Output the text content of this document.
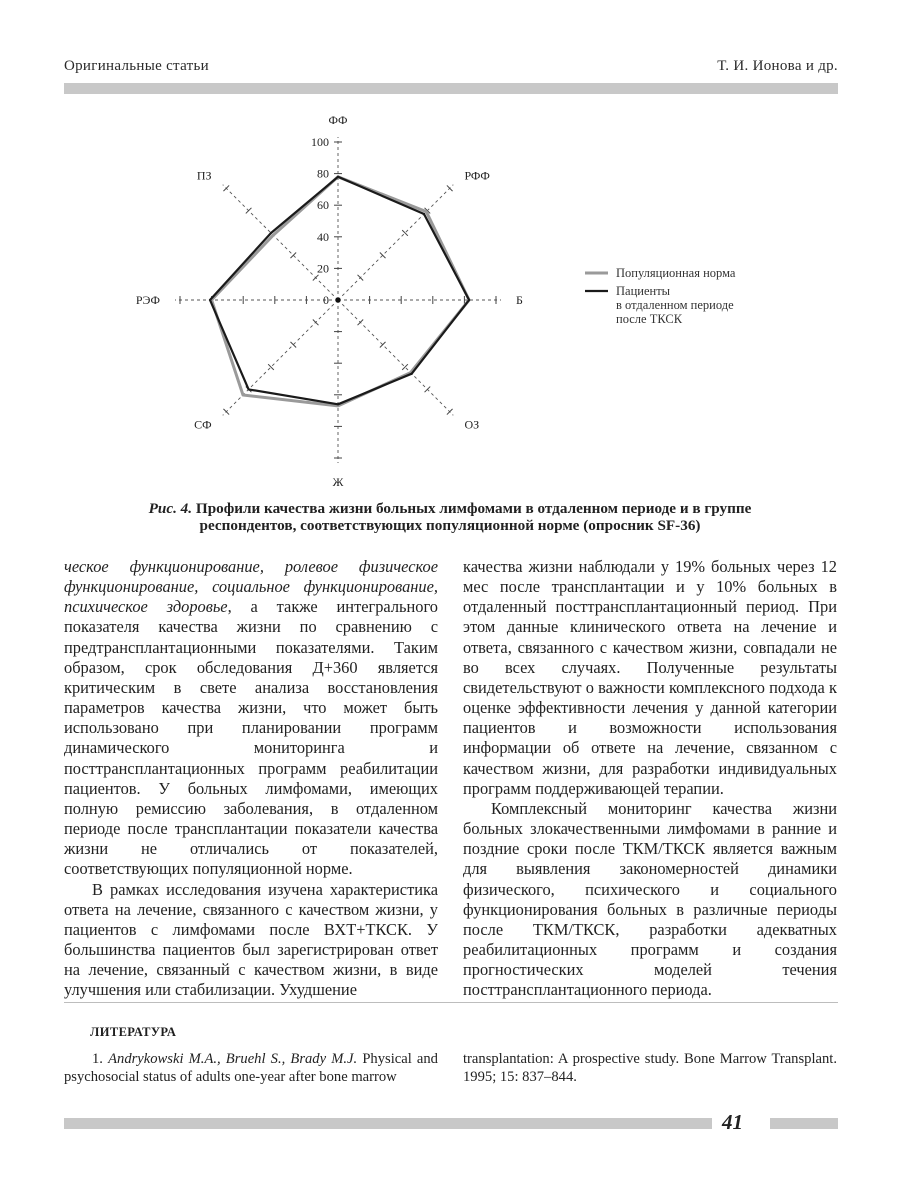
Оригинальные статьи	Т. И. Ионова и др.
ФФ
РФФ
Б
ОЗ
Ж
СФ
РЭФ
ПЗ
0
20
40
60
80
100
Популяционная норма
Пациенты
в отдаленном периоде
после ТКСК
Рис. 4. Профили качества жизни больных лимфомами в отдаленном периоде и в группе
респондентов, соответствующих популяционной норме (опросник SF-36)

ческое функционирование, ролевое физическое функционирование, социальное функционирование, психическое здоровье, а также интегрального показателя качества жизни по сравнению с предтрансплантационными показателями. Таким образом, срок обследования Д+360 является критическим в свете анализа восстановления параметров качества жизни, что может быть использовано при планировании программ динамического мониторинга и посттрансплантационных программ реабилитации пациентов. У больных лимфомами, имеющих полную ремиссию заболевания, в отдаленном периоде после трансплантации показатели качества жизни не отличались от показателей, соответствующих популяционной норме.

В рамках исследования изучена характеристика ответа на лечение, связанного с качеством жизни, у пациентов с лимфомами после ВХТ+ТКСК. У большинства пациентов был зарегистрирован ответ на лечение, связанный с качеством жизни, в виде улучшения или стабилизации. Ухудшение

качества жизни наблюдали у 19% больных через 12 мес после трансплантации и у 10% больных в отдаленный посттрансплантационный период. При этом данные клинического ответа на лечение и ответа, связанного с качеством жизни, совпадали не во всех случаях. Полученные результаты свидетельствуют о важности комплексного подхода к оценке эффективности лечения у данной категории пациентов и возможности использования информации об ответе на лечение, связанном с качеством жизни, для разработки индивидуальных программ поддерживающей терапии.

Комплексный мониторинг качества жизни больных злокачественными лимфомами в ранние и поздние сроки после ТКМ/ТКСК является важным для выявления закономерностей динамики физического, психического и социального функционирования больных в различные периоды после ТКМ/ТКСК, разработки адекватных реабилитационных программ и создания прогностических моделей течения посттрансплантационного периода.

ЛИТЕРАТУРА
1. Andrykowski M.A., Bruehl S., Brady M.J. Physical and psychosocial status of adults one-year after bone marrow
transplantation: A prospective study. Bone Marrow Transplant. 1995; 15: 837–844.
41
